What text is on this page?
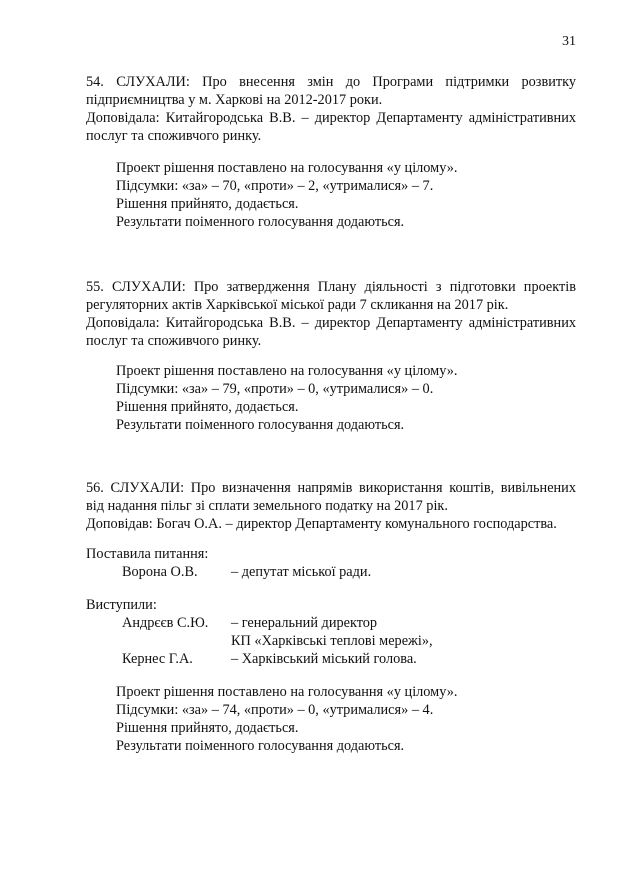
31
54. СЛУХАЛИ: Про внесення змін до Програми підтримки розвитку
підприємництва у м. Харкові на 2012-2017 роки.
Доповідала: Китайгородська В.В. – директор Департаменту адміністративних
послуг та споживчого ринку.
Проект рішення поставлено на голосування «у цілому».
Підсумки: «за» – 70, «проти» – 2, «утрималися» – 7.
Рішення прийнято, додається.
Результати поіменного голосування додаються.
55. СЛУХАЛИ: Про затвердження Плану діяльності з підготовки проектів
регуляторних актів Харківської міської ради 7 скликання на 2017 рік.
Доповідала: Китайгородська В.В. – директор Департаменту адміністративних
послуг та споживчого ринку.
Проект рішення поставлено на голосування «у цілому».
Підсумки: «за» – 79, «проти» – 0, «утрималися» – 0.
Рішення прийнято, додається.
Результати поіменного голосування додаються.
56. СЛУХАЛИ: Про визначення напрямів використання коштів, вивільнених
від надання пільг зі сплати земельного податку на 2017 рік.
Доповідав: Богач О.А. – директор Департаменту комунального господарства.
Поставила питання:
Ворона О.В. – депутат міської ради.
Виступили:
Андрєєв С.Ю. – генеральний директор
КП «Харківські теплові мережі»,
Кернес Г.А.	– Харківський міський голова.
Проект рішення поставлено на голосування «у цілому».
Підсумки: «за» – 74, «проти» – 0, «утрималися» – 4.
Рішення прийнято, додається.
Результати поіменного голосування додаються.
